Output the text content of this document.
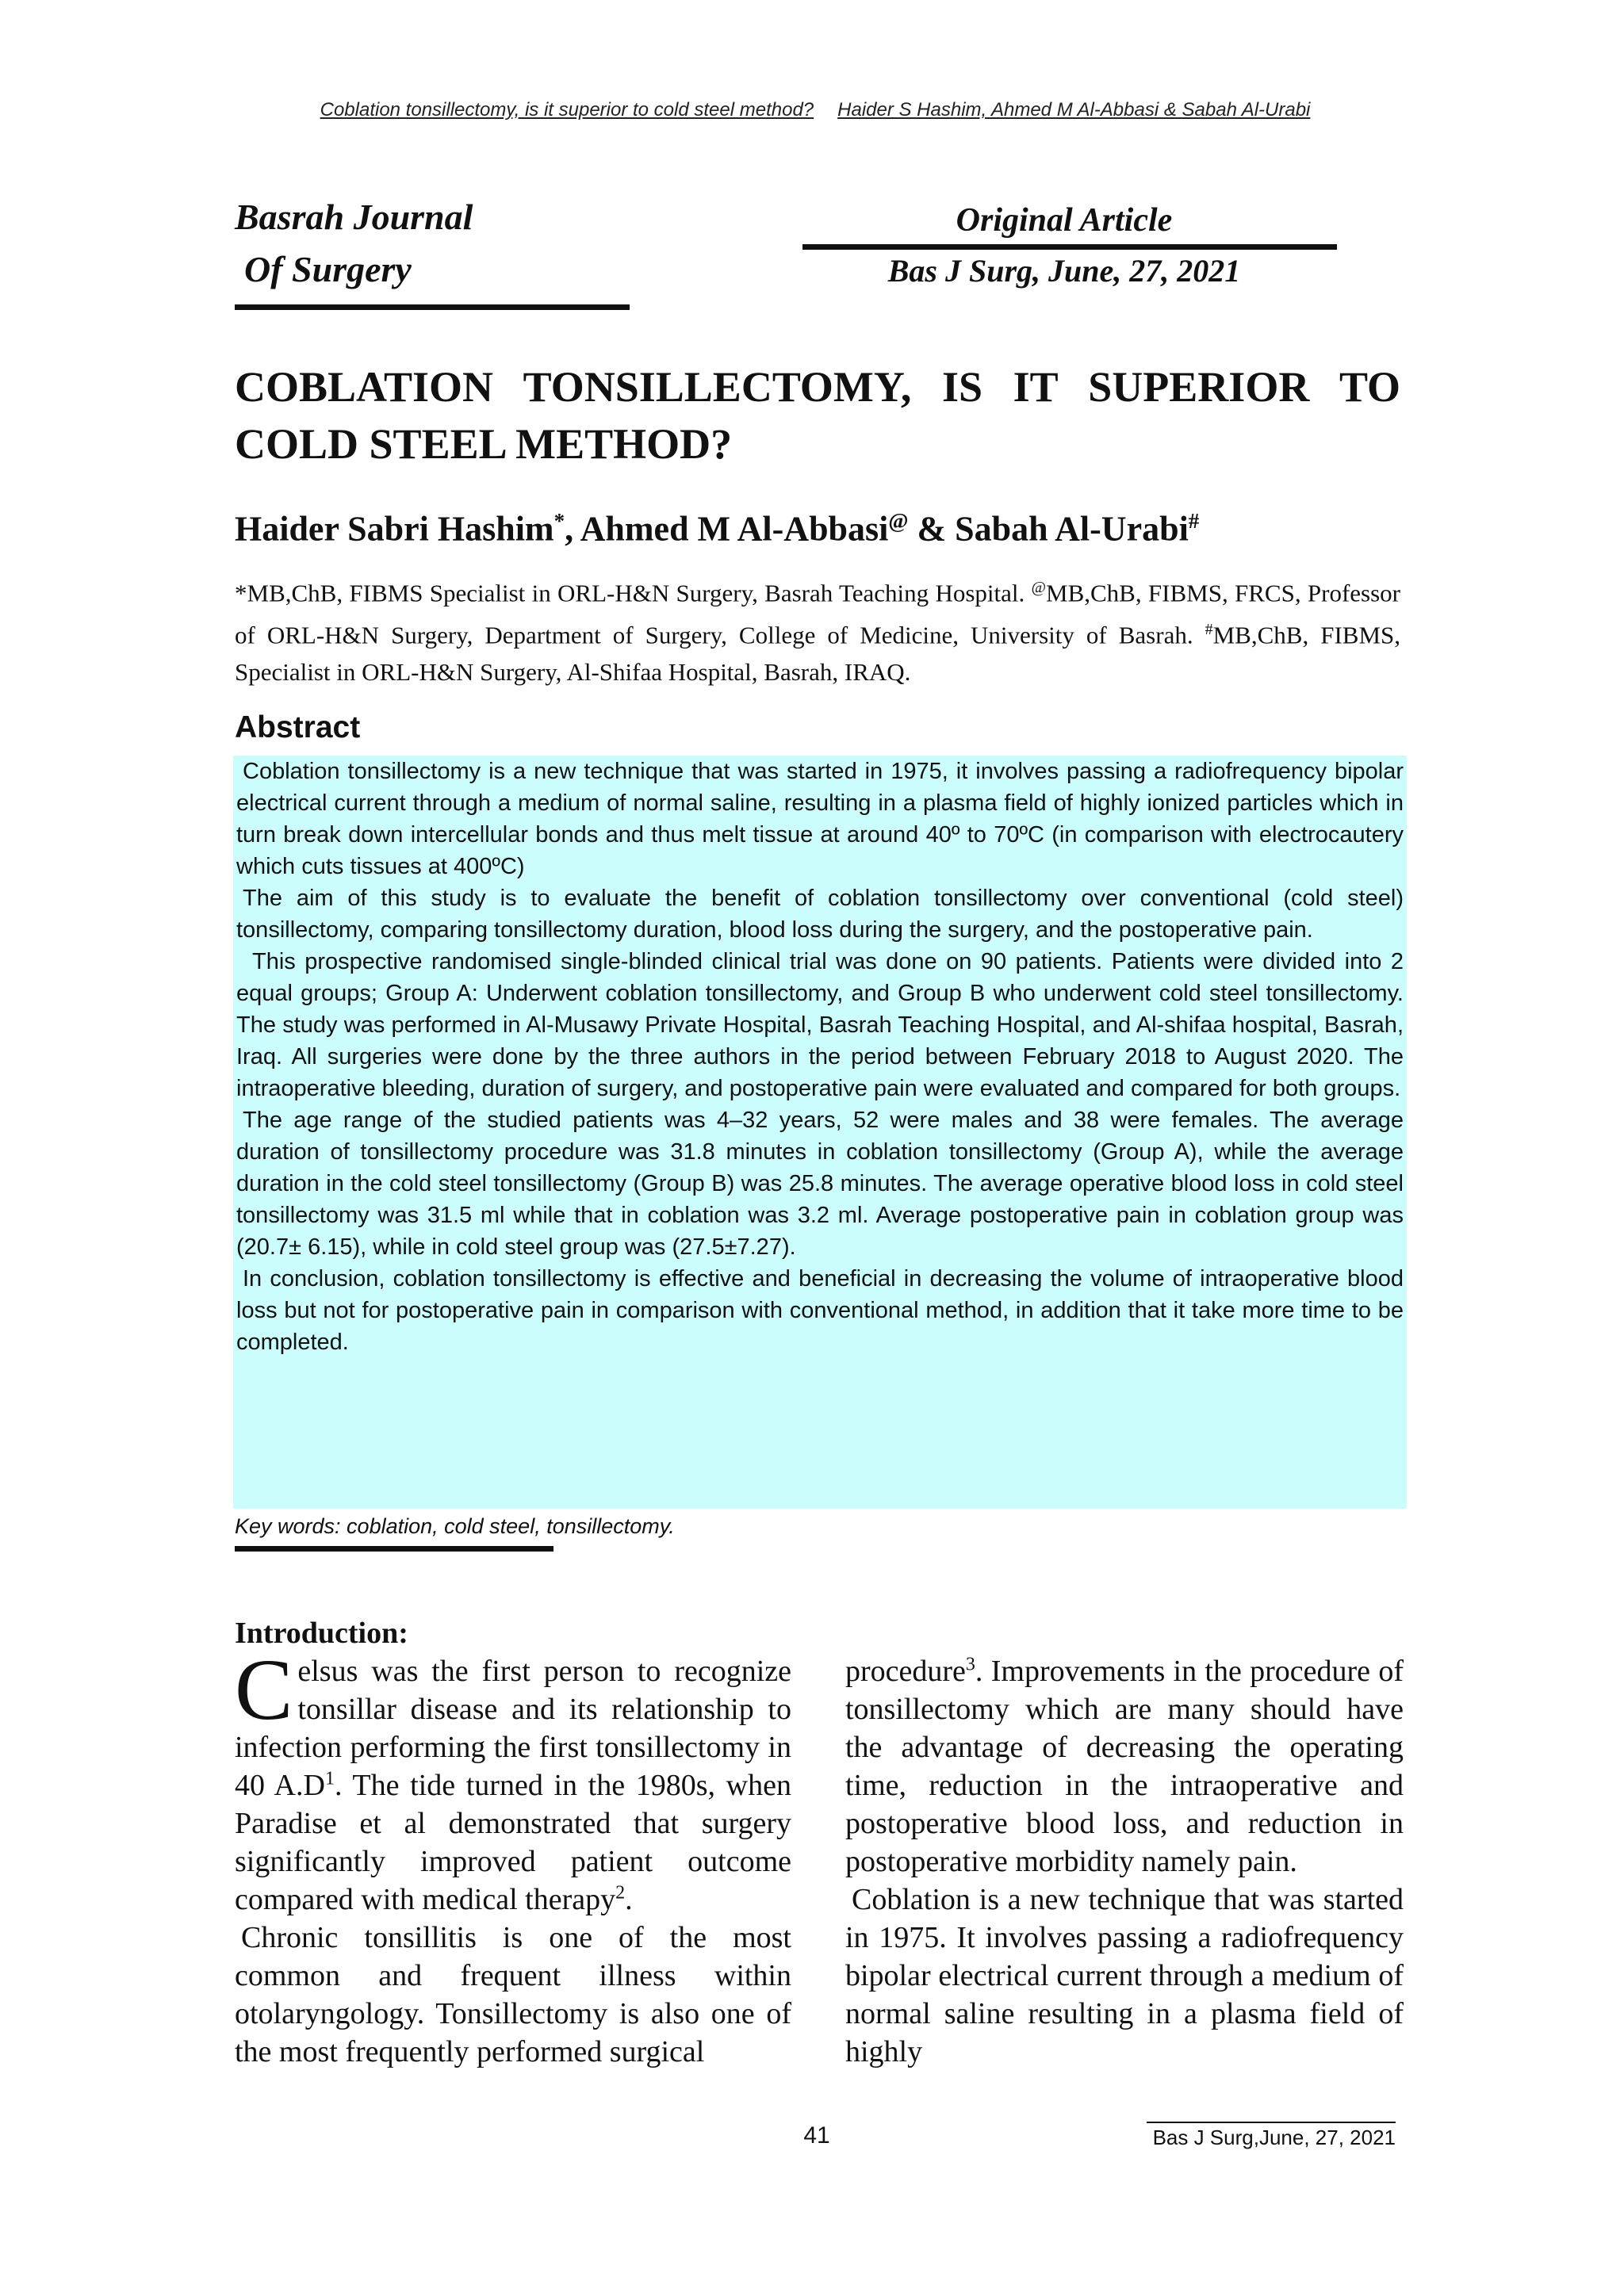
Coblation tonsillectomy, is it superior to cold steel method? Haider S Hashim, Ahmed M Al-Abbasi & Sabah Al-Urabi
Basrah Journal
Of Surgery
Original Article
Bas J Surg, June, 27, 2021
COBLATION TONSILLECTOMY, IS IT SUPERIOR TO COLD STEEL METHOD?
Haider Sabri Hashim*, Ahmed M Al-Abbasi@ & Sabah Al-Urabi#
*MB,ChB, FIBMS Specialist in ORL-H&N Surgery, Basrah Teaching Hospital. @MB,ChB, FIBMS, FRCS, Professor of ORL-H&N Surgery, Department of Surgery, College of Medicine, University of Basrah. #MB,ChB, FIBMS, Specialist in ORL-H&N Surgery, Al-Shifaa Hospital, Basrah, IRAQ.
Abstract

Coblation tonsillectomy is a new technique that was started in 1975, it involves passing a radiofrequency bipolar electrical current through a medium of normal saline, resulting in a plasma field of highly ionized particles which in turn break down intercellular bonds and thus melt tissue at around 40º to 70ºC (in comparison with electrocautery which cuts tissues at 400ºC)

The aim of this study is to evaluate the benefit of coblation tonsillectomy over conventional (cold steel) tonsillectomy, comparing tonsillectomy duration, blood loss during the surgery, and the postoperative pain.

This prospective randomised single-blinded clinical trial was done on 90 patients. Patients were divided into 2 equal groups; Group A: Underwent coblation tonsillectomy, and Group B who underwent cold steel tonsillectomy. The study was performed in Al-Musawy Private Hospital, Basrah Teaching Hospital, and Al-shifaa hospital, Basrah, Iraq. All surgeries were done by the three authors in the period between February 2018 to August 2020. The intraoperative bleeding, duration of surgery, and postoperative pain were evaluated and compared for both groups.

The age range of the studied patients was 4–32 years, 52 were males and 38 were females. The average duration of tonsillectomy procedure was 31.8 minutes in coblation tonsillectomy (Group A), while the average duration in the cold steel tonsillectomy (Group B) was 25.8 minutes. The average operative blood loss in cold steel tonsillectomy was 31.5 ml while that in coblation was 3.2 ml. Average postoperative pain in coblation group was (20.7± 6.15), while in cold steel group was (27.5±7.27).

In conclusion, coblation tonsillectomy is effective and beneficial in decreasing the volume of intraoperative blood loss but not for postoperative pain in comparison with conventional method, in addition that it take more time to be completed.

Key words: coblation, cold steel, tonsillectomy.
Introduction:

Celsus was the first person to recognize tonsillar disease and its relationship to infection performing the first tonsillectomy in 40 $A.D^1$. The tide turned in the 1980s, when Paradise et al demonstrated that surgery significantly improved patient outcome compared with medical therapy$^2$.

Chronic tonsillitis is one of the most common and frequent illness within otolaryngology. Tonsillectomy is also one of the most frequently performed surgical

procedure$^3$. Improvements in the procedure of tonsillectomy which are many should have the advantage of decreasing the operating time, reduction in the intraoperative and postoperative blood loss, and reduction in postoperative morbidity namely pain.

Coblation is a new technique that was started in 1975. It involves passing a radiofrequency bipolar electrical current through a medium of normal saline resulting in a plasma field of highly

41	Bas J Surg,June, 27, 2021
